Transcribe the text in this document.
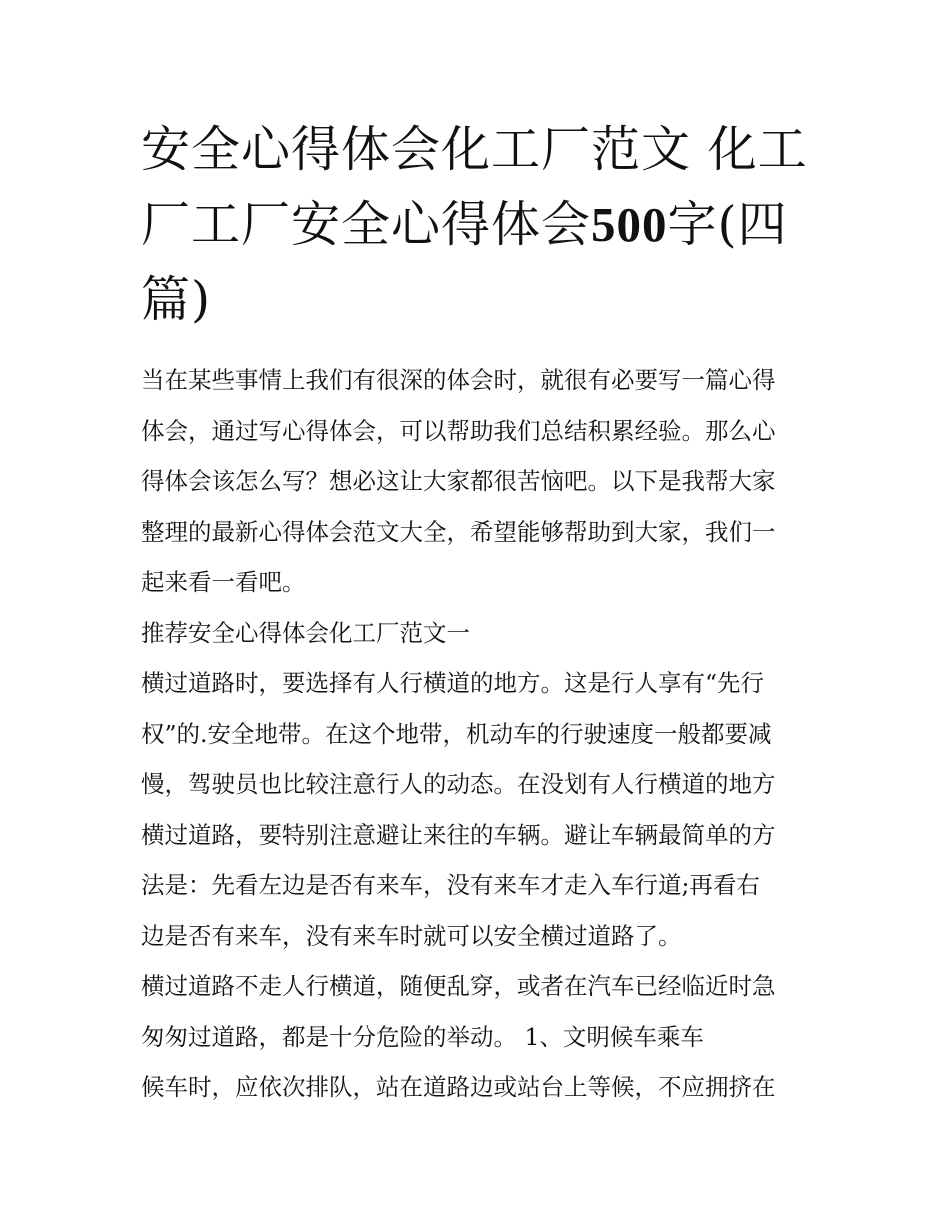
安全心得体会化工厂范文 化工厂工厂安全心得体会500字(四篇)

当在某些事情上我们有很深的体会时，就很有必要写一篇心得
体会，通过写心得体会，可以帮助我们总结积累经验。那么心
得体会该怎么写？想必这让大家都很苦恼吧。以下是我帮大家
整理的最新心得体会范文大全，希望能够帮助到大家，我们一
起来看一看吧。

推荐安全心得体会化工厂范文一

横过道路时，要选择有人行横道的地方。这是行人享有“先行
权”的.安全地带。在这个地带，机动车的行驶速度一般都要减
慢，驾驶员也比较注意行人的动态。在没划有人行横道的地方
横过道路，要特别注意避让来往的车辆。避让车辆最简单的方
法是：先看左边是否有来车，没有来车才走入车行道;再看右
边是否有来车，没有来车时就可以安全横过道路了。

横过道路不走人行横道，随便乱穿，或者在汽车已经临近时急
匆匆过道路，都是十分危险的举动。 1、文明候车乘车

候车时，应依次排队，站在道路边或站台上等候，不应拥挤在
